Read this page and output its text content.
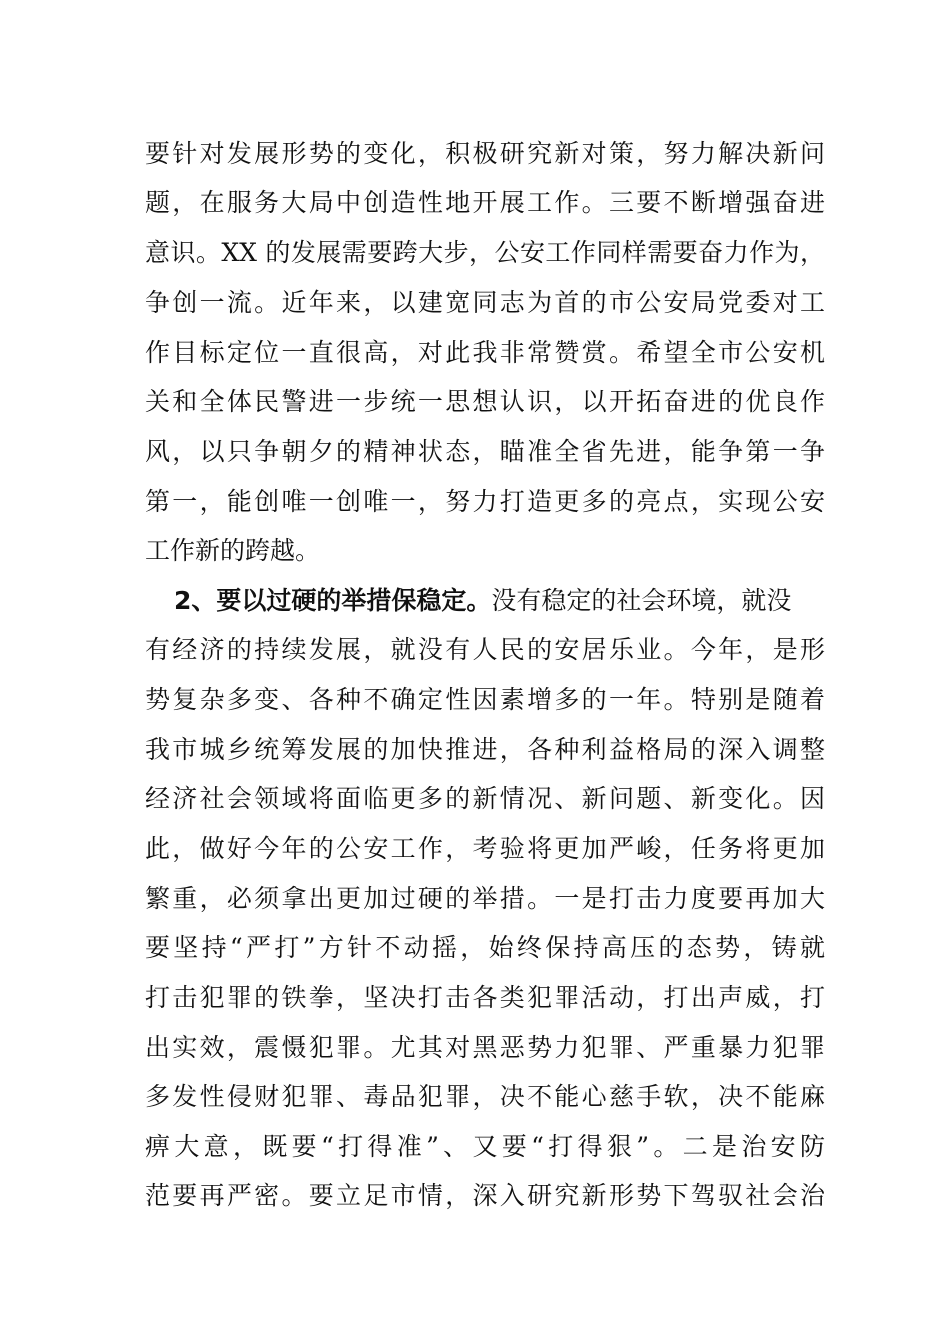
要针对发展形势的变化，积极研究新对策，努力解决新问
题，在服务大局中创造性地开展工作。三要不断增强奋进
意识。XX 的发展需要跨大步，公安工作同样需要奋力作为，
争创一流。近年来，以建宽同志为首的市公安局党委对工
作目标定位一直很高，对此我非常赞赏。希望全市公安机
关和全体民警进一步统一思想认识，以开拓奋进的优良作
风，以只争朝夕的精神状态，瞄准全省先进，能争第一争
第一，能创唯一创唯一，努力打造更多的亮点，实现公安
工作新的跨越。
2、要以过硬的举措保稳定。没有稳定的社会环境，就没
有经济的持续发展，就没有人民的安居乐业。今年，是形
势复杂多变、各种不确定性因素增多的一年。特别是随着
我市城乡统筹发展的加快推进，各种利益格局的深入调整
经济社会领域将面临更多的新情况、新问题、新变化。因
此，做好今年的公安工作，考验将更加严峻，任务将更加
繁重，必须拿出更加过硬的举措。一是打击力度要再加大
要坚持“严打”方针不动摇，始终保持高压的态势，铸就
打击犯罪的铁拳，坚决打击各类犯罪活动，打出声威，打
出实效，震慑犯罪。尤其对黑恶势力犯罪、严重暴力犯罪
多发性侵财犯罪、毒品犯罪，决不能心慈手软，决不能麻
痹大意，既要“打得准”、又要“打得狠”。二是治安防
范要再严密。要立足市情，深入研究新形势下驾驭社会治
